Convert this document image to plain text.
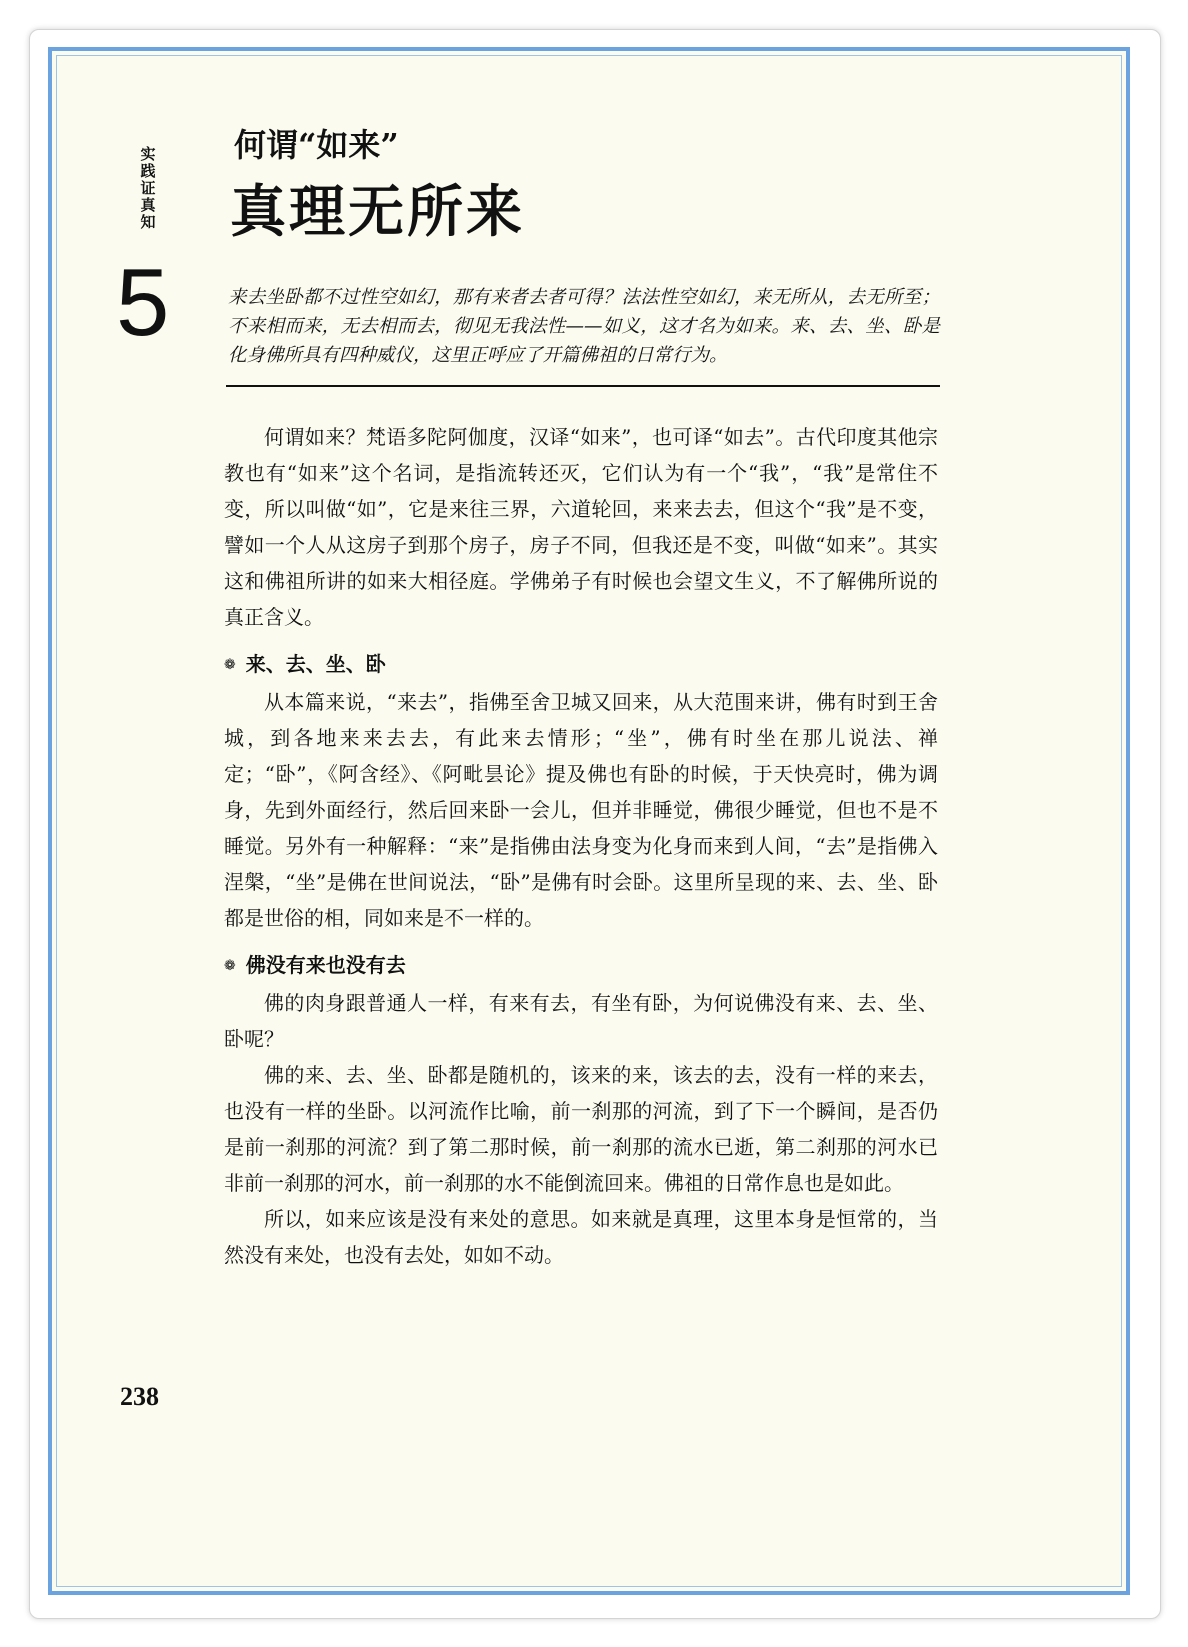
实践证真知
5
何谓“如来”
真理无所来
来去坐卧都不过性空如幻，那有来者去者可得？法法性空如幻，来无所从，去无所至；不来相而来，无去相而去，彻见无我法性——如义，这才名为如来。来、去、坐、卧是化身佛所具有四种威仪，这里正呼应了开篇佛祖的日常行为。

何谓如来？梵语多陀阿伽度，汉译“如来”，也可译“如去”。古代印度其他宗教也有“如来”这个名词，是指流转还灭，它们认为有一个“我”，“我”是常住不变，所以叫做“如”，它是来往三界，六道轮回，来来去去，但这个“我”是不变，譬如一个人从这房子到那个房子，房子不同，但我还是不变，叫做“如来”。其实这和佛祖所讲的如来大相径庭。学佛弟子有时候也会望文生义，不了解佛所说的真正含义。

❁ 来、去、坐、卧

从本篇来说，“来去”，指佛至舍卫城又回来，从大范围来讲，佛有时到王舍城，到各地来来去去，有此来去情形；“坐”，佛有时坐在那儿说法、禅定；“卧”，《阿含经》、《阿毗昙论》提及佛也有卧的时候，于天快亮时，佛为调身，先到外面经行，然后回来卧一会儿，但并非睡觉，佛很少睡觉，但也不是不睡觉。另外有一种解释：“来”是指佛由法身变为化身而来到人间，“去”是指佛入涅槃，“坐”是佛在世间说法，“卧”是佛有时会卧。这里所呈现的来、去、坐、卧都是世俗的相，同如来是不一样的。

❁ 佛没有来也没有去

佛的肉身跟普通人一样，有来有去，有坐有卧，为何说佛没有来、去、坐、卧呢？

佛的来、去、坐、卧都是随机的，该来的来，该去的去，没有一样的来去，也没有一样的坐卧。以河流作比喻，前一刹那的河流，到了下一个瞬间，是否仍是前一刹那的河流？到了第二那时候，前一刹那的流水已逝，第二刹那的河水已非前一刹那的河水，前一刹那的水不能倒流回来。佛祖的日常作息也是如此。

所以，如来应该是没有来处的意思。如来就是真理，这里本身是恒常的，当然没有来处，也没有去处，如如不动。

238
